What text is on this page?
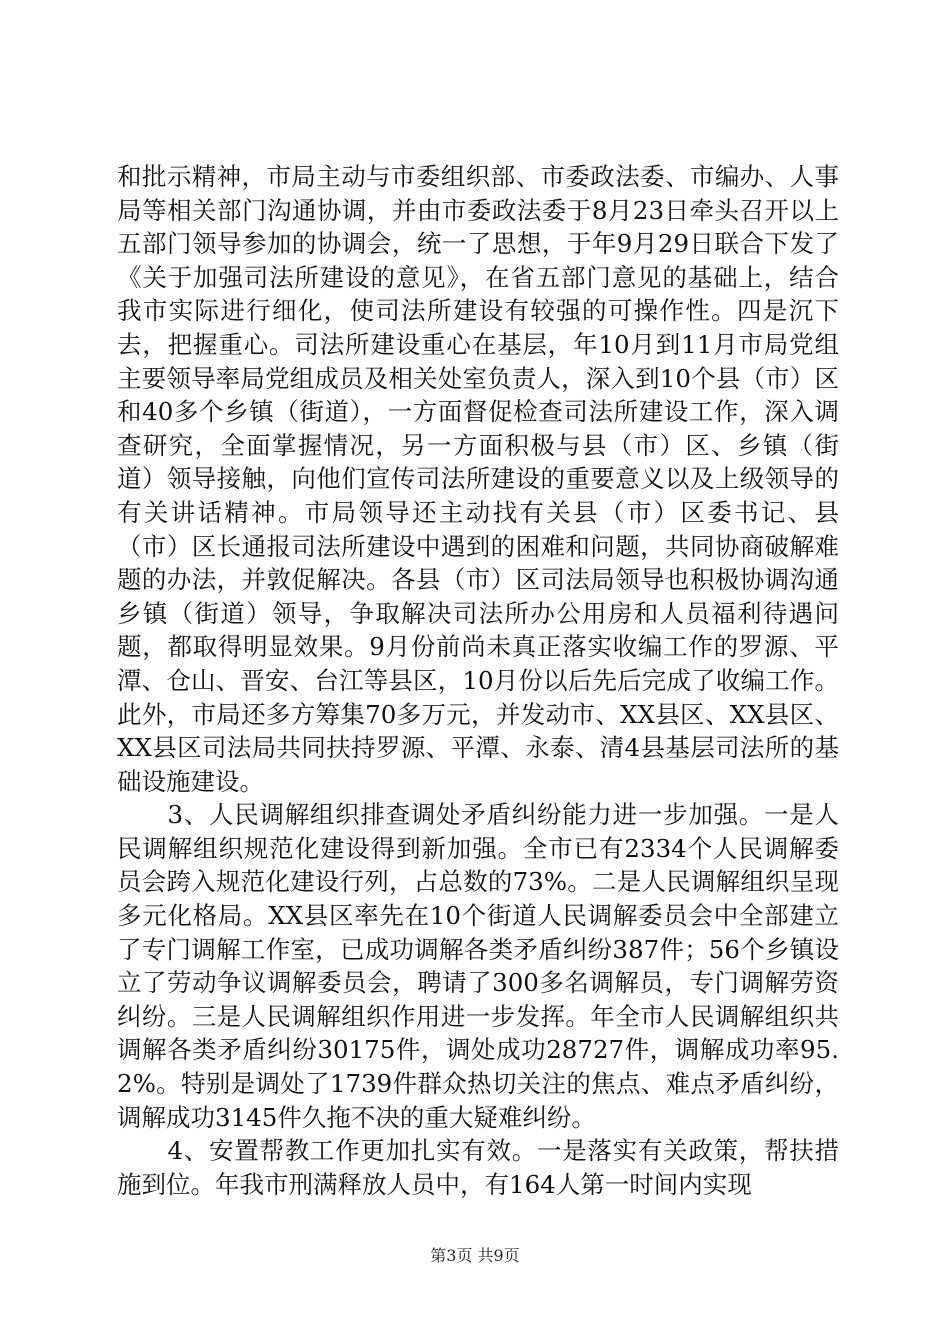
和批示精神，市局主动与市委组织部、市委政法委、市编办、人事局等相关部门沟通协调，并由市委政法委于8月23日牵头召开以上五部门领导参加的协调会，统一了思想，于年9月29日联合下发了《关于加强司法所建设的意见》，在省五部门意见的基础上，结合我市实际进行细化，使司法所建设有较强的可操作性。四是沉下去，把握重心。司法所建设重心在基层，年10月到11月市局党组主要领导率局党组成员及相关处室负责人，深入到10个县（市）区和40多个乡镇（街道），一方面督促检查司法所建设工作，深入调查研究，全面掌握情况，另一方面积极与县（市）区、乡镇（街道）领导接触，向他们宣传司法所建设的重要意义以及上级领导的有关讲话精神。市局领导还主动找有关县（市）区委书记、县（市）区长通报司法所建设中遇到的困难和问题，共同协商破解难题的办法，并敦促解决。各县（市）区司法局领导也积极协调沟通乡镇（街道）领导，争取解决司法所办公用房和人员福利待遇问题，都取得明显效果。9月份前尚未真正落实收编工作的罗源、平潭、仓山、晋安、台江等县区，10月份以后先后完成了收编工作。此外，市局还多方筹集70多万元，并发动市、XX县区、XX县区、XX县区司法局共同扶持罗源、平潭、永泰、清4县基层司法所的基础设施建设。

　　3、人民调解组织排查调处矛盾纠纷能力进一步加强。一是人民调解组织规范化建设得到新加强。全市已有2334个人民调解委员会跨入规范化建设行列，占总数的73%。二是人民调解组织呈现多元化格局。XX县区率先在10个街道人民调解委员会中全部建立了专门调解工作室，已成功调解各类矛盾纠纷387件；56个乡镇设立了劳动争议调解委员会，聘请了300多名调解员，专门调解劳资纠纷。三是人民调解组织作用进一步发挥。年全市人民调解组织共调解各类矛盾纠纷30175件，调处成功28727件，调解成功率95.2%。特别是调处了1739件群众热切关注的焦点、难点矛盾纠纷，调解成功3145件久拖不决的重大疑难纠纷。

　　4、安置帮教工作更加扎实有效。一是落实有关政策，帮扶措施到位。年我市刑满释放人员中，有164人第一时间内实现

第3页 共9页
